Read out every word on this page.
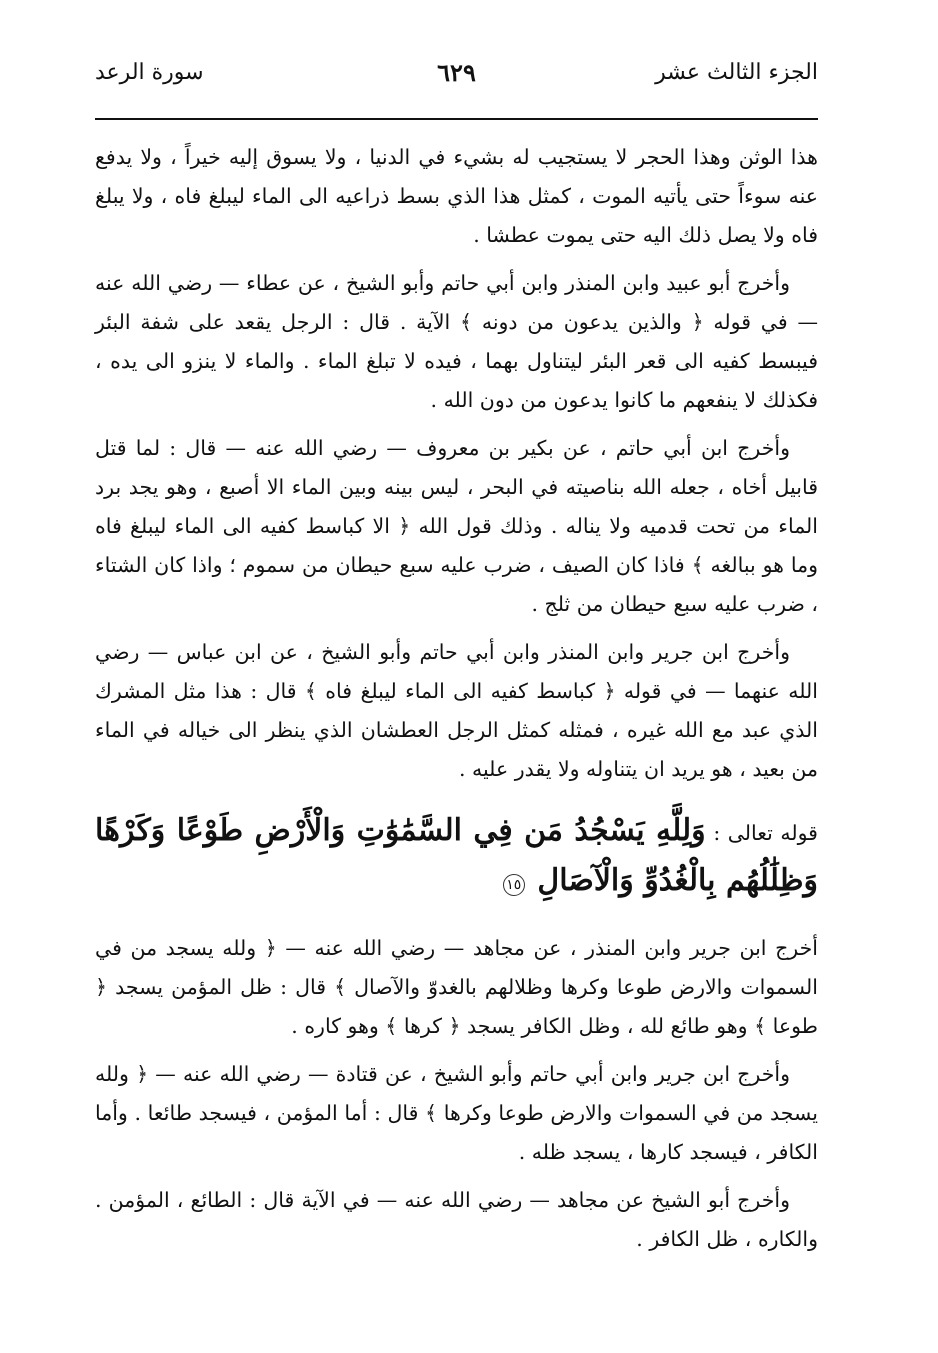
الجزء الثالث عشر
٦٢٩
سورة الرعد

هذا الوثن وهذا الحجر لا يستجيب له بشيء في الدنيا ، ولا يسوق إليه خيراً ، ولا يدفع عنه سوءاً حتى يأتيه الموت ، كمثل هذا الذي بسط ذراعيه الى الماء ليبلغ فاه ، ولا يبلغ فاه ولا يصل ذلك اليه حتى يموت عطشا .

وأخرج أبو عبيد وابن المنذر وابن أبي حاتم وأبو الشيخ ، عن عطاء — رضي الله عنه — في قوله ﴿ والذين يدعون من دونه ﴾ الآية . قال : الرجل يقعد على شفة البئر فيبسط كفيه الى قعر البئر ليتناول بهما ، فيده لا تبلغ الماء . والماء لا ينزو الى يده ، فكذلك لا ينفعهم ما كانوا يدعون من دون الله .

وأخرج ابن أبي حاتم ، عن بكير بن معروف — رضي الله عنه — قال : لما قتل قابيل أخاه ، جعله الله بناصيته في البحر ، ليس بينه وبين الماء الا أصبع ، وهو يجد برد الماء من تحت قدميه ولا يناله . وذلك قول الله ﴿ الا كباسط كفيه الى الماء ليبلغ فاه وما هو ببالغه ﴾ فاذا كان الصيف ، ضرب عليه سبع حيطان من سموم ؛ واذا كان الشتاء ، ضرب عليه سبع حيطان من ثلج .

وأخرج ابن جرير وابن المنذر وابن أبي حاتم وأبو الشيخ ، عن ابن عباس — رضي الله عنهما — في قوله ﴿ كباسط كفيه الى الماء ليبلغ فاه ﴾ قال : هذا مثل المشرك الذي عبد مع الله غيره ، فمثله كمثل الرجل العطشان الذي ينظر الى خياله في الماء من بعيد ، هو يريد ان يتناوله ولا يقدر عليه .

قوله تعالى : وَلِلَّهِ يَسْجُدُ مَن فِي السَّمَٰوَٰتِ وَالْأَرْضِ طَوْعًا وَكَرْهًا وَظِلَٰلُهُم بِالْغُدُوِّ وَالْآصَالِ ١٥

أخرج ابن جرير وابن المنذر ، عن مجاهد — رضي الله عنه — ﴿ ولله يسجد من في السموات والارض طوعا وكرها وظلالهم بالغدوّ والآصال ﴾ قال : ظل المؤمن يسجد ﴿ طوعا ﴾ وهو طائع لله ، وظل الكافر يسجد ﴿ كرها ﴾ وهو كاره .

وأخرج ابن جرير وابن أبي حاتم وأبو الشيخ ، عن قتادة — رضي الله عنه — ﴿ ولله يسجد من في السموات والارض طوعا وكرها ﴾ قال : أما المؤمن ، فيسجد طائعا . وأما الكافر ، فيسجد كارها ، يسجد ظله .

وأخرج أبو الشيخ عن مجاهد — رضي الله عنه — في الآية قال : الطائع ، المؤمن . والكاره ، ظل الكافر .
